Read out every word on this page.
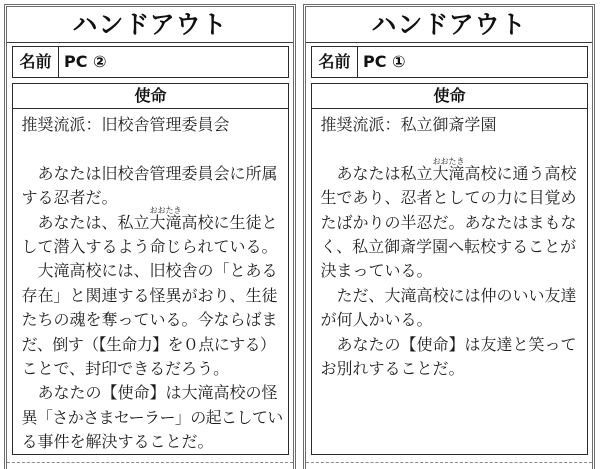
ハンドアウト
名前 PC ②
使命
推奨流派：旧校舎管理委員会
あなたは旧校舎管理委員会に所属
する忍者だ。
あなたは、私立大滝
おおたき
高校に生徒と
して潜入するよう命じられている。
大滝高校には、旧校舎の「とある
存在」と関連する怪異がおり、生徒
たちの魂を奪っている。今ならばま
だ、倒す（【生命力】を０点にする）
ことで、封印できるだろう。
あなたの【使命】は大滝高校の怪
異「さかさまセーラー」の起こしてい
る事件を解決することだ。
ハンドアウト
名前 PC ①
使命
推奨流派：私立御斎学園
あなたは私立大滝
おおたき
高校に通う高校
生であり、忍者としての力に目覚め
たばかりの半忍だ。あなたはまもな
く、私立御斎学園へ転校することが
決まっている。
ただ、大滝高校には仲のいい友達
が何人かいる。
あなたの【使命】は友達と笑って
お別れすることだ。
